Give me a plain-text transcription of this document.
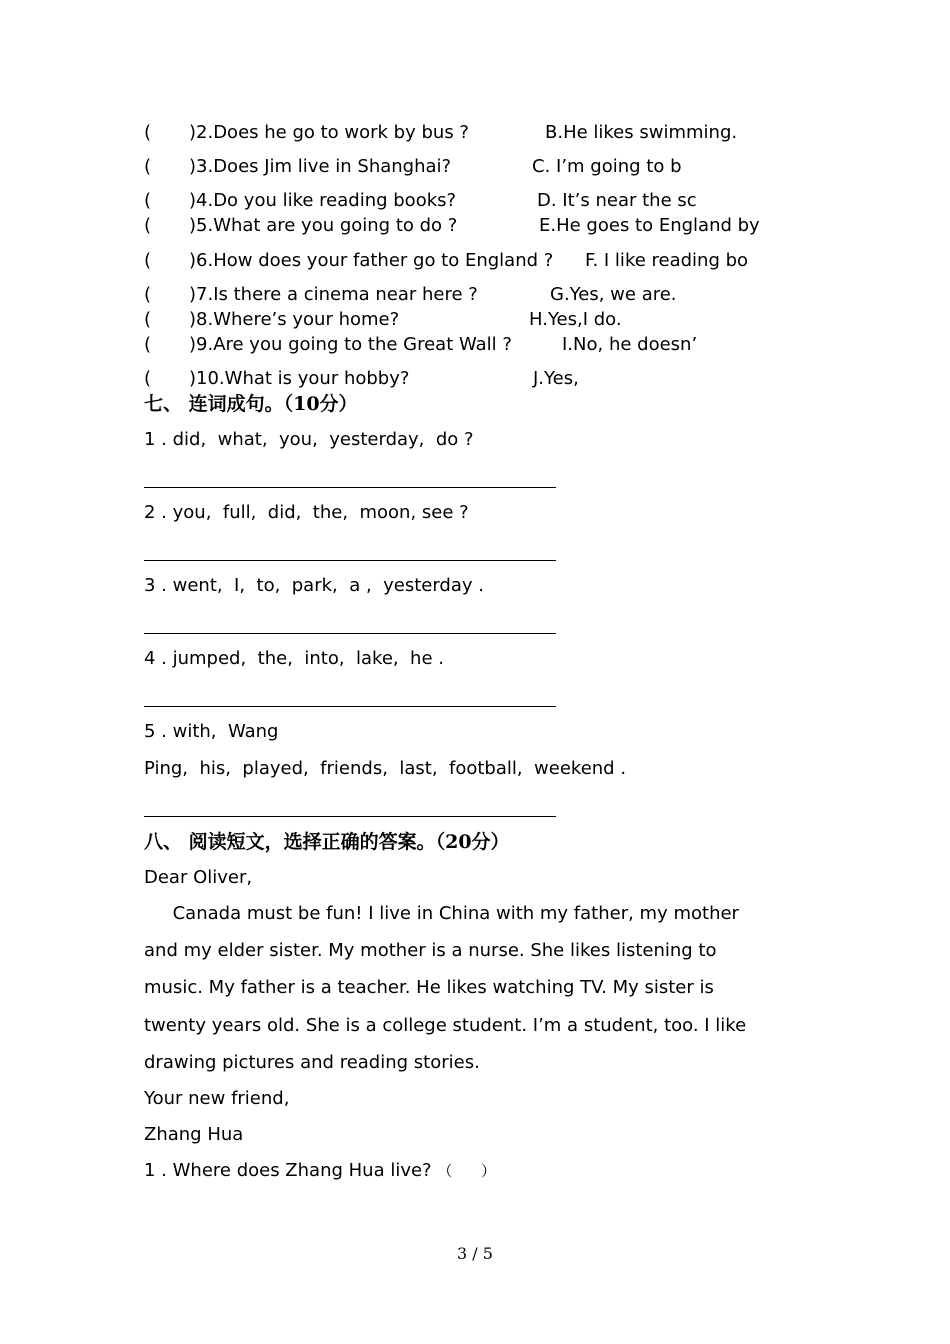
( )2.Does he go to work by bus ?	B.He likes swimming.
( )3.Does Jim live in Shanghai?	C. I’m going to b
( )4.Do you like reading books?	D. It’s near the sc
( )5.What are you going to do ?	E.He goes to England by
( )6.How does your father go to England ? F. I like reading bo
( )7.Is there a cinema near here ?	G.Yes, we are.
( )8.Where’s your home?	H.Yes,I do.
( )9.Are you going to the Great Wall ?	I.No, he doesn’
( )10.What is your hobby?	J.Yes,
七、 连词成句。（10分）
1 . did,  what,  you,  yesterday,  do ?
2 . you,  full,  did,  the,  moon, see ?
3 . went,  I,  to,  park,  a ,  yesterday .
4 . jumped,  the,  into,  lake,  he .
5 . with,  Wang
Ping,  his,  played,  friends,  last,  football,  weekend .
八、 阅读短文，选择正确的答案。（20分）
Dear Oliver,
Canada must be fun! I live in China with my father, my mother
and my elder sister. My mother is a nurse. She likes listening to
music. My father is a teacher. He likes watching TV. My sister is
twenty years old. She is a college student. I’m a student, too. I like
drawing pictures and reading stories.
Your new friend,
Zhang Hua
1 . Where does Zhang Hua live? （      ）
3 / 5
